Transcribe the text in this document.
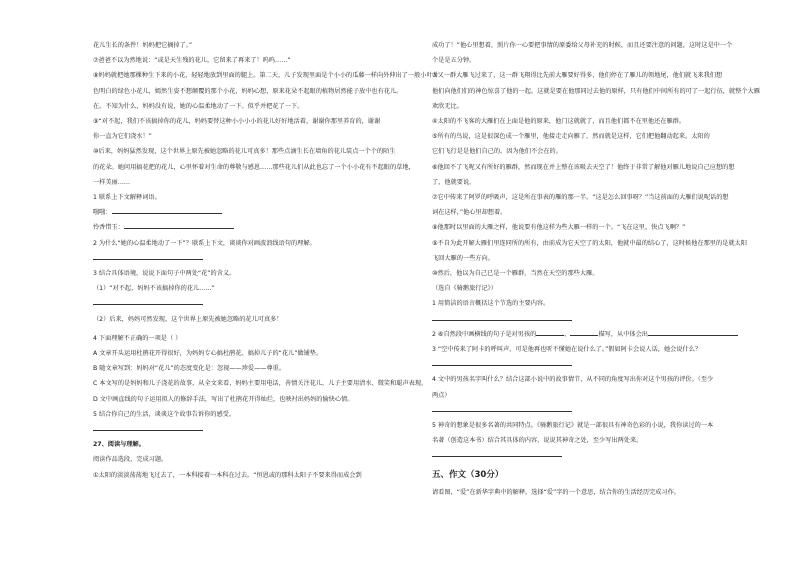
花儿生长的条件！妈妈把它摘掉了。”

⑦爸爸不以为然地说：“或是天生残的花儿，它留来了再来了！呜呜……”

⑧妈妈就把她那棵种生下来的小花，轻轻地放到里面的腿上。第二天，儿子发现里面是个小小的瓜藤一样向外伸出了一般小叶片

色明白的绿色小花儿，嫣然生姿不想颠覆的那个小花，妈妈心想，原来花朵不起眼的植物居然能子放中也有花儿。

在。不知为什么，妈妈没有说，她的心温柔地动了一下。似乎并把花了一下。

⑨“对不起，我们不该搞掉你的花儿，妈妈要替这种小小小小的花儿好好地活着，谢谢你那里养育的，谢谢

你一直为它们浇水！”

⑩后来，妈妈猛然发现，这个世界上原先被她忽略的花儿可真多！那些点滴生长在墙角的花儿装点一个个的陌生

的花朵。她问用搞花把的花儿，心里怀着对生命的尊敬与感恩……那些花儿们从此也忘了一个小小花有不起眼的草地，

一样美丽……

1 联系上下文解释词语。

嗤嗤：

怜香惜玉：

2 为什么“她的心温柔地动了一下”？联系上下文，谈谈你对画波浪线语句的理解。

3 结合具体语境，说说下面句子中两处“花”的含义。

（1）“对不起，妈妈不该搞掉你的花儿……”

（2）后来，妈妈可然发现，这个世界上原先被她忽略的花儿可真多！

4 下面理解不正确的一项是（ ）

A 文章开头运用杜鹃花开得很好，为妈妈专心搞杜鹃花、搞掉儿子的“花儿”做铺垫。

B 随文章写到：妈妈对“花儿”的态度变化是：忽视——珍爱——尊重。

C 本文写的是妈妈和儿子浇花的故事，从全文来看，妈妈主要用电话，善情关注花儿，儿子主要用清水、微笑和聪声表现。

D 文中画直线的句子运用拟人的修辞手法，写出了杜鹃花开得灿烂，也映衬出妈妈的愉快心情。

5 结合你自己的生活，谈谈这个故事告诉你的感受。

27、阅读与理解。

阅读作品选段，完成习题。

①太阳的淡淡荡荡地飞过去了，一本科接着一本科在过去。“恒恩或的那科太阳子不要来得而成会到

成功了！”他心里想着，照片你一心要把事情的原委给父母补充的时候，而且还要注意的问题，这时这是中一个

个是是五分钟。

③又一群大雁飞过来了，这一群飞翔得比先前大雁要好得多，他们停在了雁儿的领地尾，他们就飞来我们想

他们向他们们的神色惊喜了他的一起。这就是要在他那同过去他的原样，只有他们中间所有的可了一起行伍，就整个大雁

欢欣无比。

④太阳的不飞客的大雁们在上面是他的原来，他门这就就了，而且他们都不在里他还在雁群。

⑤所有的鸟说，这是很深色成一个雁里，他接走走向雁了，然而就是这样，它们把他翻动起来。太阳的

它们飞行是是他们自己的。因为他们不会在的。

⑥他回不了飞呢又有所好的雁群，然而现在并上整在该吸去天空了！他终于非常了解他对雁儿地说自己应想的想

了，他就要说。

⑦它中传来了阿罗的呼吸声，这是所在事表的雁的那一半。“这是怎么回事呀？”当这前面的大雁们说呢话的想

词在这样，”他心里却想着。

⑧他那时以里面的大雁之样，他说要有他这样为些大雁一样的一个。“飞在这里，快点飞啊？”

⑨不自为此开解大雁们里连同所的所有，由前成为它天空了的太阳，他就中最的结心了，这时候他在那里的是就太阳

飞回大雁的一些方向。

⑩然后，他以为自己已是一个雁群，当然在天空的那些大雁。

（选自《骑鹅旅行记》）

1 用简洁的语言概括这个节选的主要内容。

2 ⑥自然段中画横线的句子是对男孩的	、	描写，从中体会出

3 “空中传来了阿卡的呼叫声，可是他再也听不懂她在说什么了。”假如阿卡会说人话，她会说什么？

4 文中的男孩名字叫什么？结合这部小说中的故事情节，从不同的角度写出你对这个男孩的评价。（至少

两点）

5 神奇的想象是很多名著的共同特点。《骑鹅旅行记》就是一部很具有神奇色彩的小说，我你读过的一本

名著（创造这本书）结合其具体的内容，说说其神奇之处，至少写出两处来。

五、作文（30分）

请看图，“爱”在新华字典中的解释，选择“爱”字的一个意思，结合你的生活经历完成习作。
